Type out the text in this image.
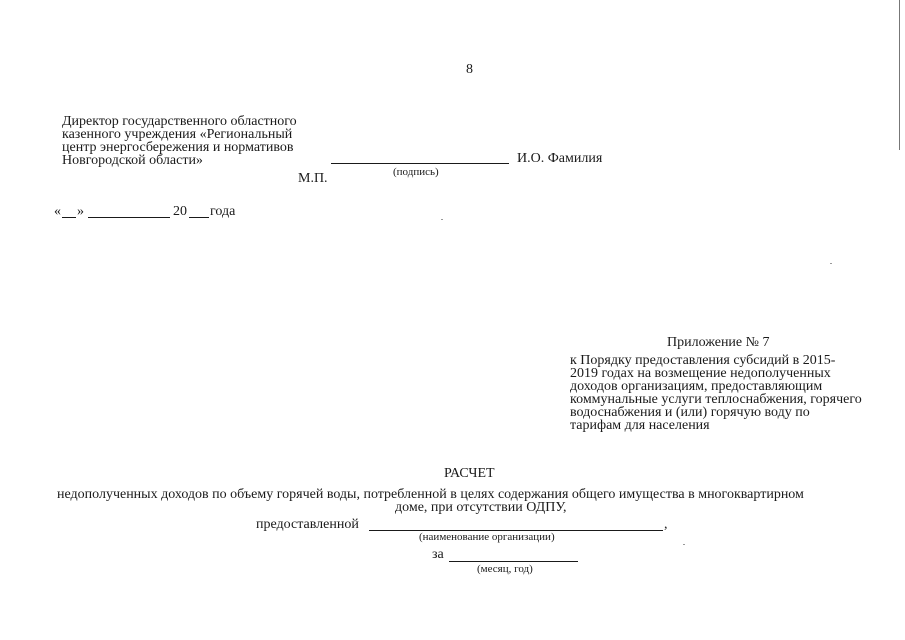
8
Директор государственного областного
казенного учреждения «Региональный
центр энергосбережения и нормативов
Новгородской области»	И.О. Фамилия
(подпись)
М.П.
« »	20 года
Приложение № 7
к Порядку предоставления субсидий в 2015-
2019 годах на возмещение недополученных
доходов организациям, предоставляющим
коммунальные услуги теплоснабжения, горячего
водоснабжения и (или) горячую воду по
тарифам для населения
РАСЧЕТ
недополученных доходов по объему горячей воды, потребленной в целях содержания общего имущества в многоквартирном
доме, при отсутствии ОДПУ,
предоставленной	,
(наименование организации)
за
(месяц, год)
